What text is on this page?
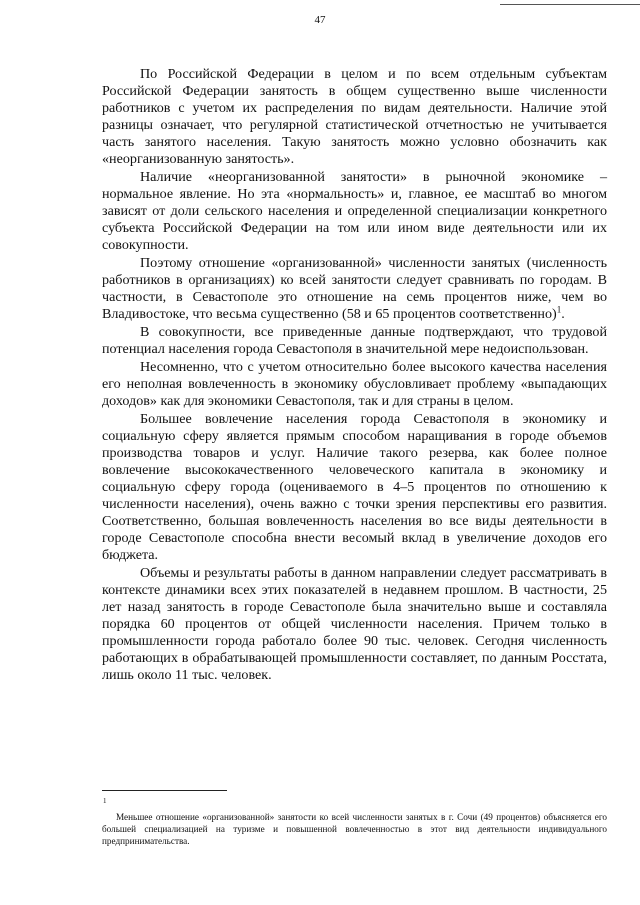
47

По Российской Федерации в целом и по всем отдельным субъектам Российской Федерации занятость в общем существенно выше численности работников с учетом их распределения по видам деятельности. Наличие этой разницы означает, что регулярной статистической отчетностью не учитывается часть занятого населения. Такую занятость можно условно обозначить как «неорганизованную занятость».

Наличие «неорганизованной занятости» в рыночной экономике – нормальное явление. Но эта «нормальность» и, главное, ее масштаб во многом зависят от доли сельского населения и определенной специализации конкретного субъекта Российской Федерации на том или ином виде деятельности или их совокупности.

Поэтому отношение «организованной» численности занятых (численность работников в организациях) ко всей занятости следует сравнивать по городам. В частности, в Севастополе это отношение на семь процентов ниже, чем во Владивостоке, что весьма существенно (58 и 65 процентов соответственно)$^1$.

В совокупности, все приведенные данные подтверждают, что трудовой потенциал населения города Севастополя в значительной мере недоиспользован.

Несомненно, что с учетом относительно более высокого качества населения его неполная вовлеченность в экономику обусловливает проблему «выпадающих доходов» как для экономики Севастополя, так и для страны в целом.

Большее вовлечение населения города Севастополя в экономику и социальную сферу является прямым способом наращивания в городе объемов производства товаров и услуг. Наличие такого резерва, как более полное вовлечение высококачественного человеческого капитала в экономику и социальную сферу города (оцениваемого в 4–5 процентов по отношению к численности населения), очень важно с точки зрения перспективы его развития. Соответственно, большая вовлеченность населения во все виды деятельности в городе Севастополе способна внести весомый вклад в увеличение доходов его бюджета.

Объемы и результаты работы в данном направлении следует рассматривать в контексте динамики всех этих показателей в недавнем прошлом. В частности, 25 лет назад занятость в городе Севастополе была значительно выше и составляла порядка 60 процентов от общей численности населения. Причем только в промышленности города работало более 90 тыс. человек. Сегодня численность работающих в обрабатывающей промышленности составляет, по данным Росстата, лишь около 11 тыс. человек.

1

Меньшее отношение «организованной» занятости ко всей численности занятых в г. Сочи (49 процентов) объясняется его большей специализацией на туризме и повышенной вовлеченностью в этот вид деятельности индивидуального предпринимательства.
